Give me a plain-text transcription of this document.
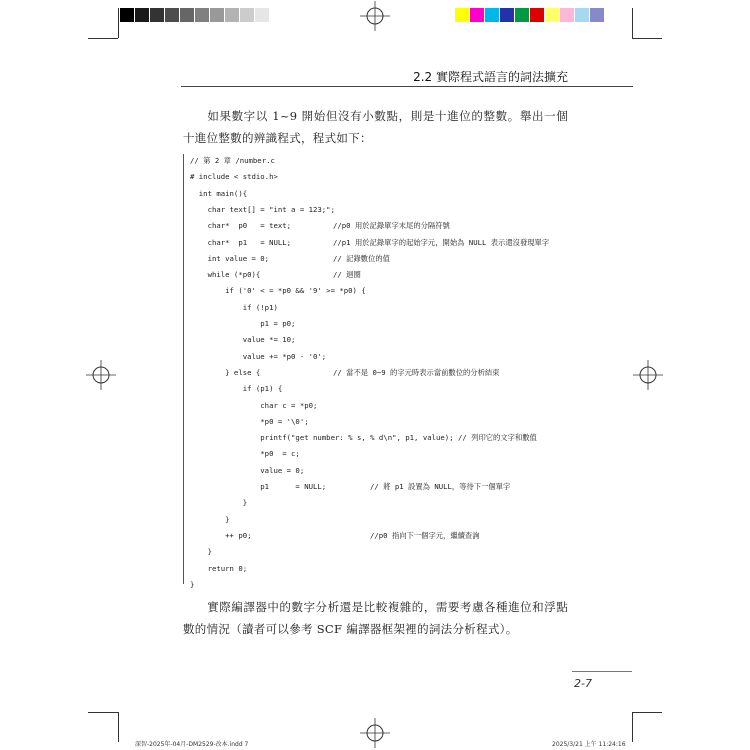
2.2 實際程式語言的詞法擴充
如果數字以 1~9 開始但沒有小數點，則是十進位的整數。舉出一個十進位整數的辨識程式，程式如下：
// 第 2 章 /number.c
# include < stdio.h>
int main(){
char text[] = "int a = 123;";
char*  p0   = text;
char*  p1   = NULL;
int value = 0;
while (*p0){
if ('0' < = *p0 && '9' >= *p0) {
if (!p1)
p1 = p0;
value *= 10;
value += *p0 - '0';
} else {
if (p1) {
char c = *p0;
*p0 = '\0';
printf("get number: % s, % d\n", p1, value); // 列印它的文字和數值
*p0  = c;
value = 0;
p1      = NULL;
}
}
++ p0;
}
return 0;
}
//p0 用於記錄單字末尾的分隔符號
//p1 用於記錄單字的起始字元，開始為 NULL 表示還沒發現單字
// 記錄數位的值
// 迴圈
// 當不是 0~9 的字元時表示當前數位的分析結束
// 將 p1 設置為 NULL，等待下一個單字
//p0 指向下一個字元，繼續查詢
實際編譯器中的數字分析還是比較複雜的，需要考慮各種進位和浮點數的情況（讀者可以參考 SCF 編譯器框架裡的詞法分析程式）。
2-7
深智-2025年-04月-DM2529-改本.indd 7	2025/3/21 上午 11:24:16
